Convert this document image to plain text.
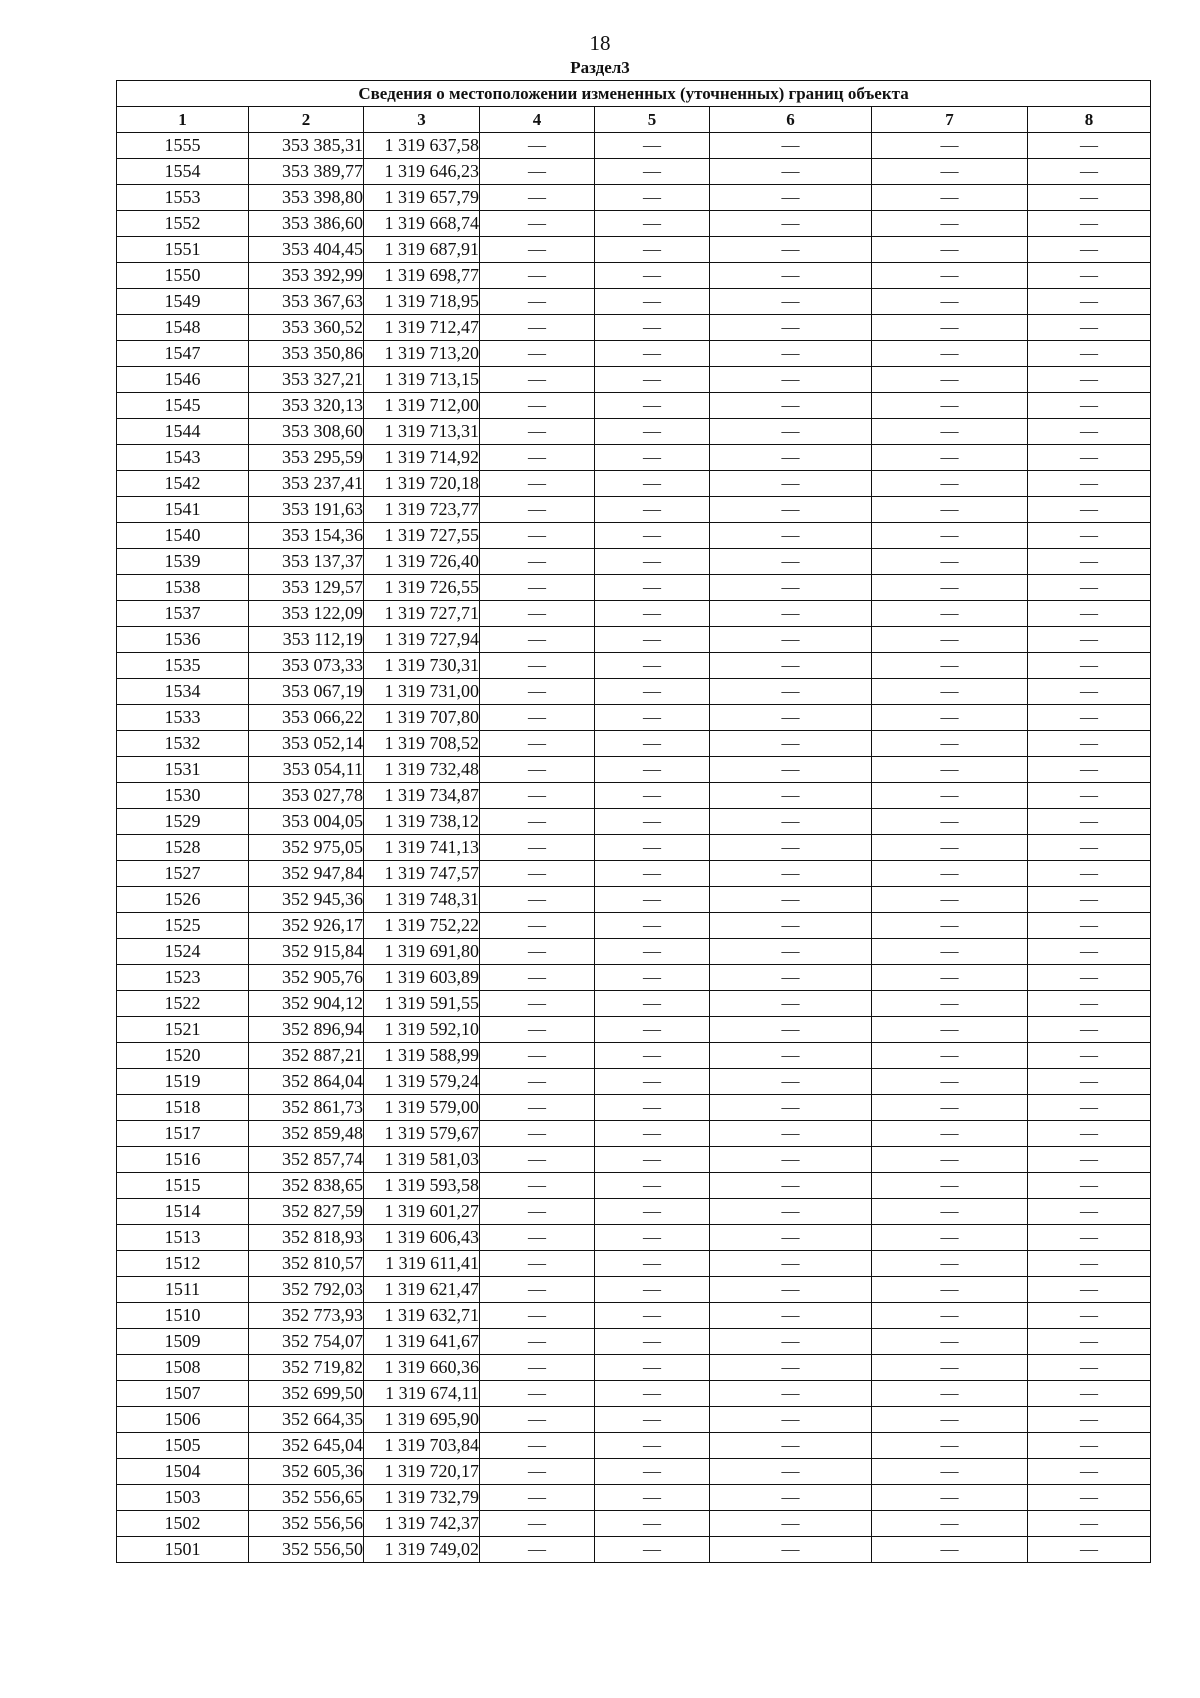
18
Раздел3
Сведения о местоположении измененных (уточненных) границ объекта							
1	2	3	4	5	6	7	8
1555	353 385,31	1 319 637,58	—	—	—	—	—
1554	353 389,77	1 319 646,23	—	—	—	—	—
1553	353 398,80	1 319 657,79	—	—	—	—	—
1552	353 386,60	1 319 668,74	—	—	—	—	—
1551	353 404,45	1 319 687,91	—	—	—	—	—
1550	353 392,99	1 319 698,77	—	—	—	—	—
1549	353 367,63	1 319 718,95	—	—	—	—	—
1548	353 360,52	1 319 712,47	—	—	—	—	—
1547	353 350,86	1 319 713,20	—	—	—	—	—
1546	353 327,21	1 319 713,15	—	—	—	—	—
1545	353 320,13	1 319 712,00	—	—	—	—	—
1544	353 308,60	1 319 713,31	—	—	—	—	—
1543	353 295,59	1 319 714,92	—	—	—	—	—
1542	353 237,41	1 319 720,18	—	—	—	—	—
1541	353 191,63	1 319 723,77	—	—	—	—	—
1540	353 154,36	1 319 727,55	—	—	—	—	—
1539	353 137,37	1 319 726,40	—	—	—	—	—
1538	353 129,57	1 319 726,55	—	—	—	—	—
1537	353 122,09	1 319 727,71	—	—	—	—	—
1536	353 112,19	1 319 727,94	—	—	—	—	—
1535	353 073,33	1 319 730,31	—	—	—	—	—
1534	353 067,19	1 319 731,00	—	—	—	—	—
1533	353 066,22	1 319 707,80	—	—	—	—	—
1532	353 052,14	1 319 708,52	—	—	—	—	—
1531	353 054,11	1 319 732,48	—	—	—	—	—
1530	353 027,78	1 319 734,87	—	—	—	—	—
1529	353 004,05	1 319 738,12	—	—	—	—	—
1528	352 975,05	1 319 741,13	—	—	—	—	—
1527	352 947,84	1 319 747,57	—	—	—	—	—
1526	352 945,36	1 319 748,31	—	—	—	—	—
1525	352 926,17	1 319 752,22	—	—	—	—	—
1524	352 915,84	1 319 691,80	—	—	—	—	—
1523	352 905,76	1 319 603,89	—	—	—	—	—
1522	352 904,12	1 319 591,55	—	—	—	—	—
1521	352 896,94	1 319 592,10	—	—	—	—	—
1520	352 887,21	1 319 588,99	—	—	—	—	—
1519	352 864,04	1 319 579,24	—	—	—	—	—
1518	352 861,73	1 319 579,00	—	—	—	—	—
1517	352 859,48	1 319 579,67	—	—	—	—	—
1516	352 857,74	1 319 581,03	—	—	—	—	—
1515	352 838,65	1 319 593,58	—	—	—	—	—
1514	352 827,59	1 319 601,27	—	—	—	—	—
1513	352 818,93	1 319 606,43	—	—	—	—	—
1512	352 810,57	1 319 611,41	—	—	—	—	—
1511	352 792,03	1 319 621,47	—	—	—	—	—
1510	352 773,93	1 319 632,71	—	—	—	—	—
1509	352 754,07	1 319 641,67	—	—	—	—	—
1508	352 719,82	1 319 660,36	—	—	—	—	—
1507	352 699,50	1 319 674,11	—	—	—	—	—
1506	352 664,35	1 319 695,90	—	—	—	—	—
1505	352 645,04	1 319 703,84	—	—	—	—	—
1504	352 605,36	1 319 720,17	—	—	—	—	—
1503	352 556,65	1 319 732,79	—	—	—	—	—
1502	352 556,56	1 319 742,37	—	—	—	—	—
1501	352 556,50	1 319 749,02	—	—	—	—	—
